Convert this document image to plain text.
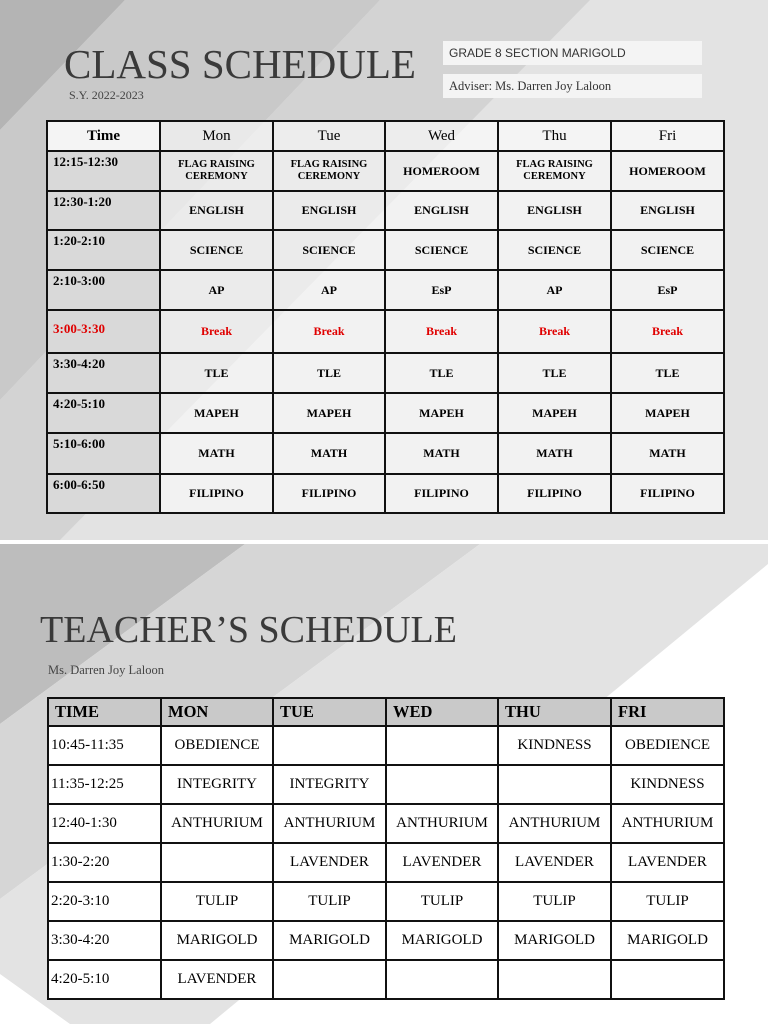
CLASS SCHEDULE
S.Y. 2022-2023
GRADE 8 SECTION MARIGOLD
Adviser: Ms. Darren Joy Laloon
Time	Mon	Tue	Wed	Thu	Fri
12:15-12:30	FLAG RAISING CEREMONY	FLAG RAISING CEREMONY	HOMEROOM	FLAG RAISING CEREMONY	HOMEROOM
12:30-1:20	ENGLISH	ENGLISH	ENGLISH	ENGLISH	ENGLISH
1:20-2:10	SCIENCE	SCIENCE	SCIENCE	SCIENCE	SCIENCE
2:10-3:00	AP	AP	EsP	AP	EsP
3:00-3:30	Break	Break	Break	Break	Break
3:30-4:20	TLE	TLE	TLE	TLE	TLE
4:20-5:10	MAPEH	MAPEH	MAPEH	MAPEH	MAPEH
5:10-6:00	MATH	MATH	MATH	MATH	MATH
6:00-6:50	FILIPINO	FILIPINO	FILIPINO	FILIPINO	FILIPINO
TEACHER’S SCHEDULE
Ms. Darren Joy Laloon
TIME	MON	TUE	WED	THU	FRI
10:45-11:35	OBEDIENCE			KINDNESS	OBEDIENCE
11:35-12:25	INTEGRITY	INTEGRITY			KINDNESS
12:40-1:30	ANTHURIUM	ANTHURIUM	ANTHURIUM	ANTHURIUM	ANTHURIUM
1:30-2:20		LAVENDER	LAVENDER	LAVENDER	LAVENDER
2:20-3:10	TULIP	TULIP	TULIP	TULIP	TULIP
3:30-4:20	MARIGOLD	MARIGOLD	MARIGOLD	MARIGOLD	MARIGOLD
4:20-5:10	LAVENDER				
